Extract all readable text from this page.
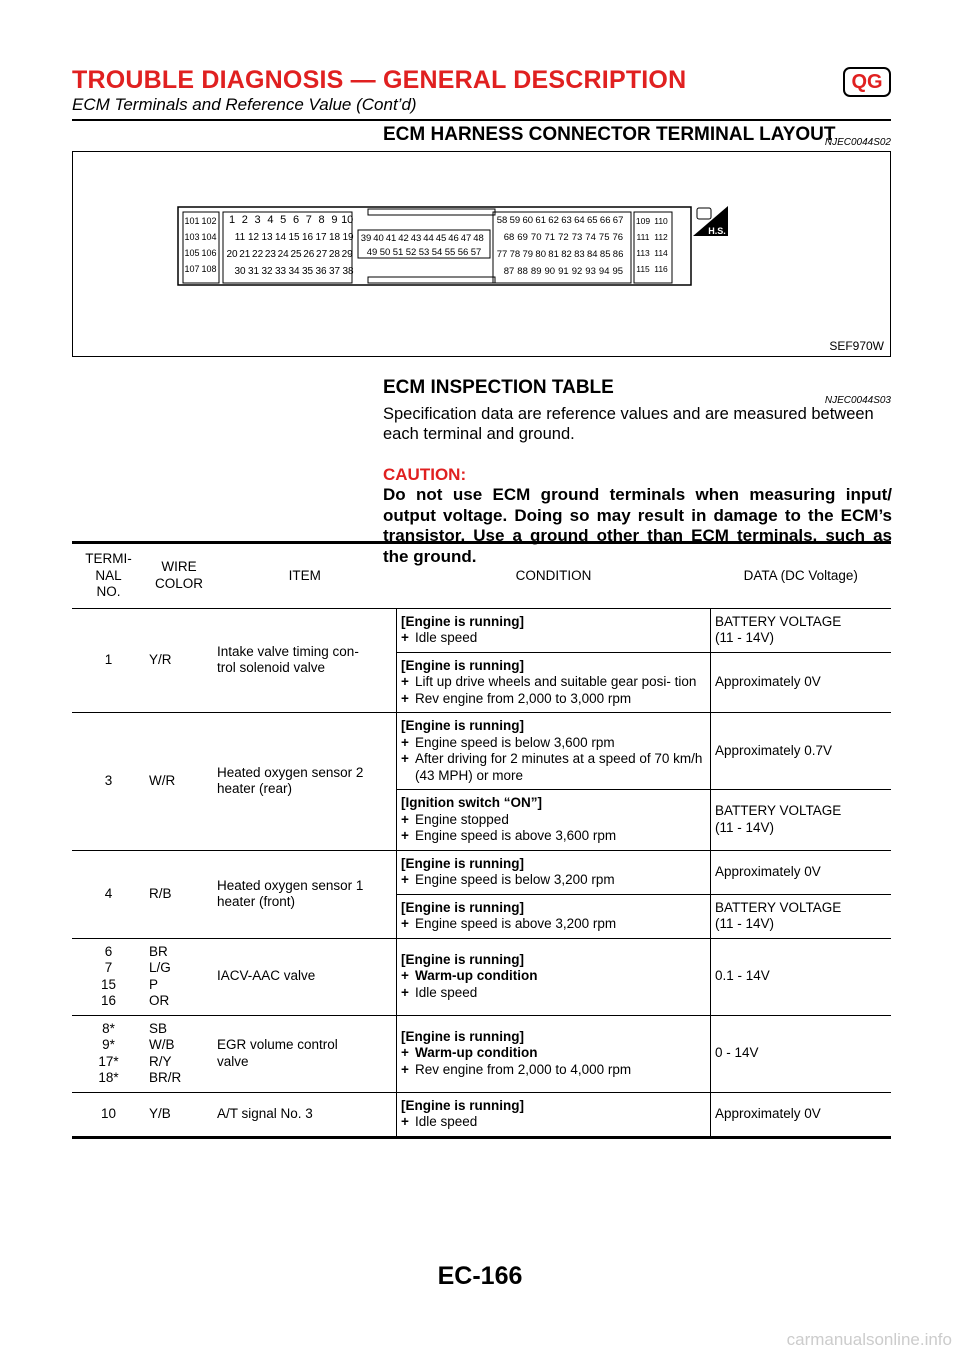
TROUBLE DIAGNOSIS — GENERAL DESCRIPTION	QG
ECM Terminals and Reference Value (Cont’d)
ECM HARNESS CONNECTOR TERMINAL LAYOUT
NJEC0044S02
101 102
103 104
105 106
107 108
1 2 3 4 5 6 7 8 9 10
11 12 13 14 15 16 17 18 19
20 21 22 23 24 25 26 27 28 29
30 31 32 33 34 35 36 37 38
39 40 41 42 43 44 45 46 47 48
49 50 51 52 53 54 55 56 57
58 59 60 61 62 63 64 65 66 67
68 69 70 71 72 73 74 75 76
77 78 79 80 81 82 83 84 85 86
87 88 89 90 91 92 93 94 95
109 110
111 112
113 114
115 116
H.S.
SEF970W
ECM INSPECTION TABLE
NJEC0044S03
Specification data are reference values and are measured between each terminal and ground.
CAUTION:
Do not use ECM ground terminals when measuring input/ output voltage. Doing so may result in damage to the ECM’s transistor. Use a ground other than ECM terminals, such as the ground.
TERMI-
NAL
NO.	WIRE
COLOR	ITEM	CONDITION	DATA (DC Voltage)

1	Y/R	Intake valve timing con-
trol solenoid valve	[Engine is running]
+ Idle speed	BATTERY VOLTAGE
(11 - 14V)

			[Engine is running]
+ Lift up drive wheels and suitable gear posi- tion
+ Rev engine from 2,000 to 3,000 rpm	Approximately 0V

3	W/R	Heated oxygen sensor 2
heater (rear)	[Engine is running]
+ Engine speed is below 3,600 rpm
+ After driving for 2 minutes at a speed of 70 km/h (43 MPH) or more	Approximately 0.7V

			[Ignition switch “ON”]
+ Engine stopped
+ Engine speed is above 3,600 rpm	BATTERY VOLTAGE
(11 - 14V)

4	R/B	Heated oxygen sensor 1
heater (front)	[Engine is running]
+ Engine speed is below 3,200 rpm	Approximately 0V

			[Engine is running]
+ Engine speed is above 3,200 rpm	BATTERY VOLTAGE
(11 - 14V)

6
7
15
16	BR
L/G
P
OR	IACV-AAC valve	[Engine is running]
+ Warm-up condition
+ Idle speed	0.1 - 14V

8*
9*
17*
18*	SB
W/B
R/Y
BR/R	EGR volume control
valve	[Engine is running]
+ Warm-up condition
+ Rev engine from 2,000 to 4,000 rpm	0 - 14V

10	Y/B	A/T signal No. 3	[Engine is running]
+ Idle speed	Approximately 0V
EC-166
carmanualsonline.info
